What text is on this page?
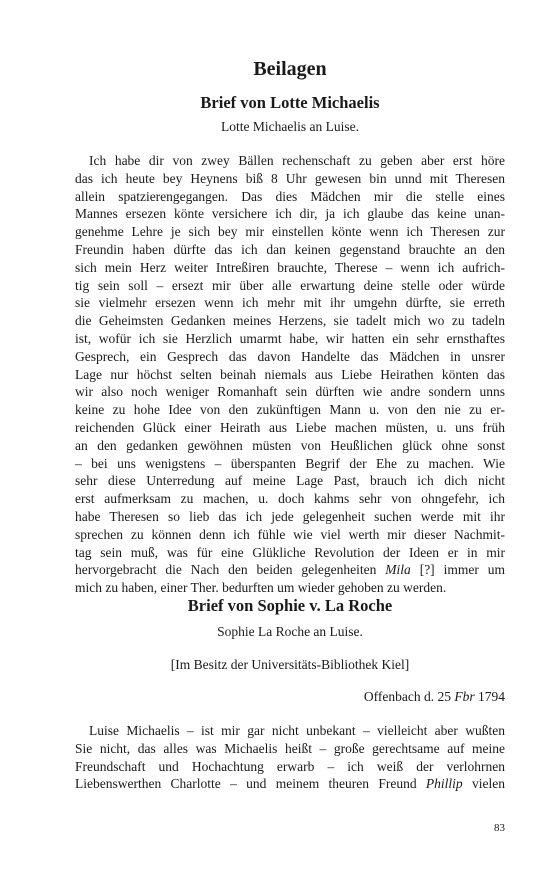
Beilagen
Brief von Lotte Michaelis

Lotte Michaelis an Luise.

Ich habe dir von zwey Bällen rechenschaft zu geben aber erst höre
das ich heute bey Heynens biß 8 Uhr gewesen bin unnd mit Theresen
allein spatzierengegangen. Das dies Mädchen mir die stelle eines
Mannes ersezen könte versichere ich dir, ja ich glaube das keine unan-
genehme Lehre je sich bey mir einstellen könte wenn ich Theresen zur
Freundin haben dürfte das ich dan keinen gegenstand brauchte an den
sich mein Herz weiter Intreßiren brauchte, Therese – wenn ich aufrich-
tig sein soll – ersezt mir über alle erwartung deine stelle oder würde
sie vielmehr ersezen wenn ich mehr mit ihr umgehn dürfte, sie erreth
die Geheimsten Gedanken meines Herzens, sie tadelt mich wo zu tadeln
ist, wofür ich sie Herzlich umarmt habe, wir hatten ein sehr ernsthaftes
Gesprech, ein Gesprech das davon Handelte das Mädchen in unsrer
Lage nur höchst selten beinah niemals aus Liebe Heirathen könten das
wir also noch weniger Romanhaft sein dürften wie andre sondern unns
keine zu hohe Idee von den zukünftigen Mann u. von den nie zu er-
reichenden Glück einer Heirath aus Liebe machen müsten, u. uns früh
an den gedanken gewöhnen müsten von Heußlichen glück ohne sonst
– bei uns wenigstens – überspanten Begrif der Ehe zu machen. Wie
sehr diese Unterredung auf meine Lage Past, brauch ich dich nicht
erst aufmerksam zu machen, u. doch kahms sehr von ohngefehr, ich
habe Theresen so lieb das ich jede gelegenheit suchen werde mit ihr
sprechen zu können denn ich fühle wie viel werth mir dieser Nachmit-
tag sein muß, was für eine Glükliche Revolution der Ideen er in mir
hervorgebracht die Nach den beiden gelegenheiten Mila [?] immer um
mich zu haben, einer Ther. bedurften um wieder gehoben zu werden.
Brief von Sophie v. La Roche

Sophie La Roche an Luise.

[Im Besitz der Universitäts-Bibliothek Kiel]

Offenbach d. 25 Fbr 1794

Luise Michaelis – ist mir gar nicht unbekant – vielleicht aber wußten
Sie nicht, das alles was Michaelis heißt – große gerechtsame auf meine
Freundschaft und Hochachtung erwarb – ich weiß der verlohrnen
Liebenswerthen Charlotte – und meinem theuren Freund Phillip vielen
83
